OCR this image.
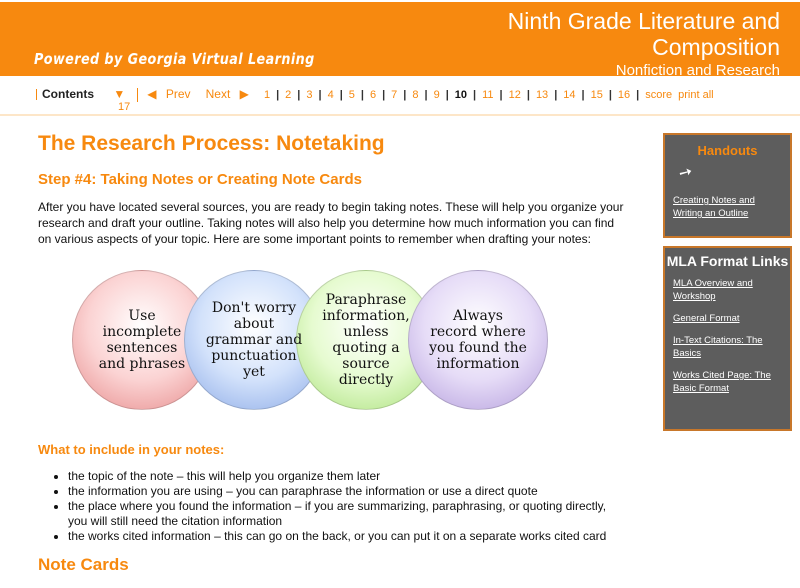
Powered by Georgia Virtual Learning
Ninth Grade Literature and Composition
Nonfiction and Research
Contents ▼ ◀ Prev Next ▶ 1 | 2 | 3 | 4 | 5 | 6 | 7 | 8 | 9 | 10 | 11 | 12 | 13 | 14 | 15 | 16 | score print all
17
The Research Process: Notetaking
Step #4: Taking Notes or Creating Note Cards
After you have located several sources, you are ready to begin taking notes. These will help you organize your research and draft your outline. Taking notes will also help you determine how much information you can find on various aspects of your topic. Here are some important points to remember when drafting your notes:
Use incomplete sentences and phrases
Don't worry about grammar and punctuation yet
Paraphrase information, unless quoting a source directly
Always record where you found the information
What to include in your notes:
• the topic of the note – this will help you organize them later
• the information you are using – you can paraphrase the information or use a direct quote
• the place where you found the information – if you are summarizing, paraphrasing, or quoting directly, you will still need the citation information
• the works cited information – this can go on the back, or you can put it on a separate works cited card
Note Cards
Handouts
➚
Creating Notes and Writing an Outline
MLA Format Links
MLA Overview and Workshop
General Format
In-Text Citations: The Basics
Works Cited Page: The Basic Format
